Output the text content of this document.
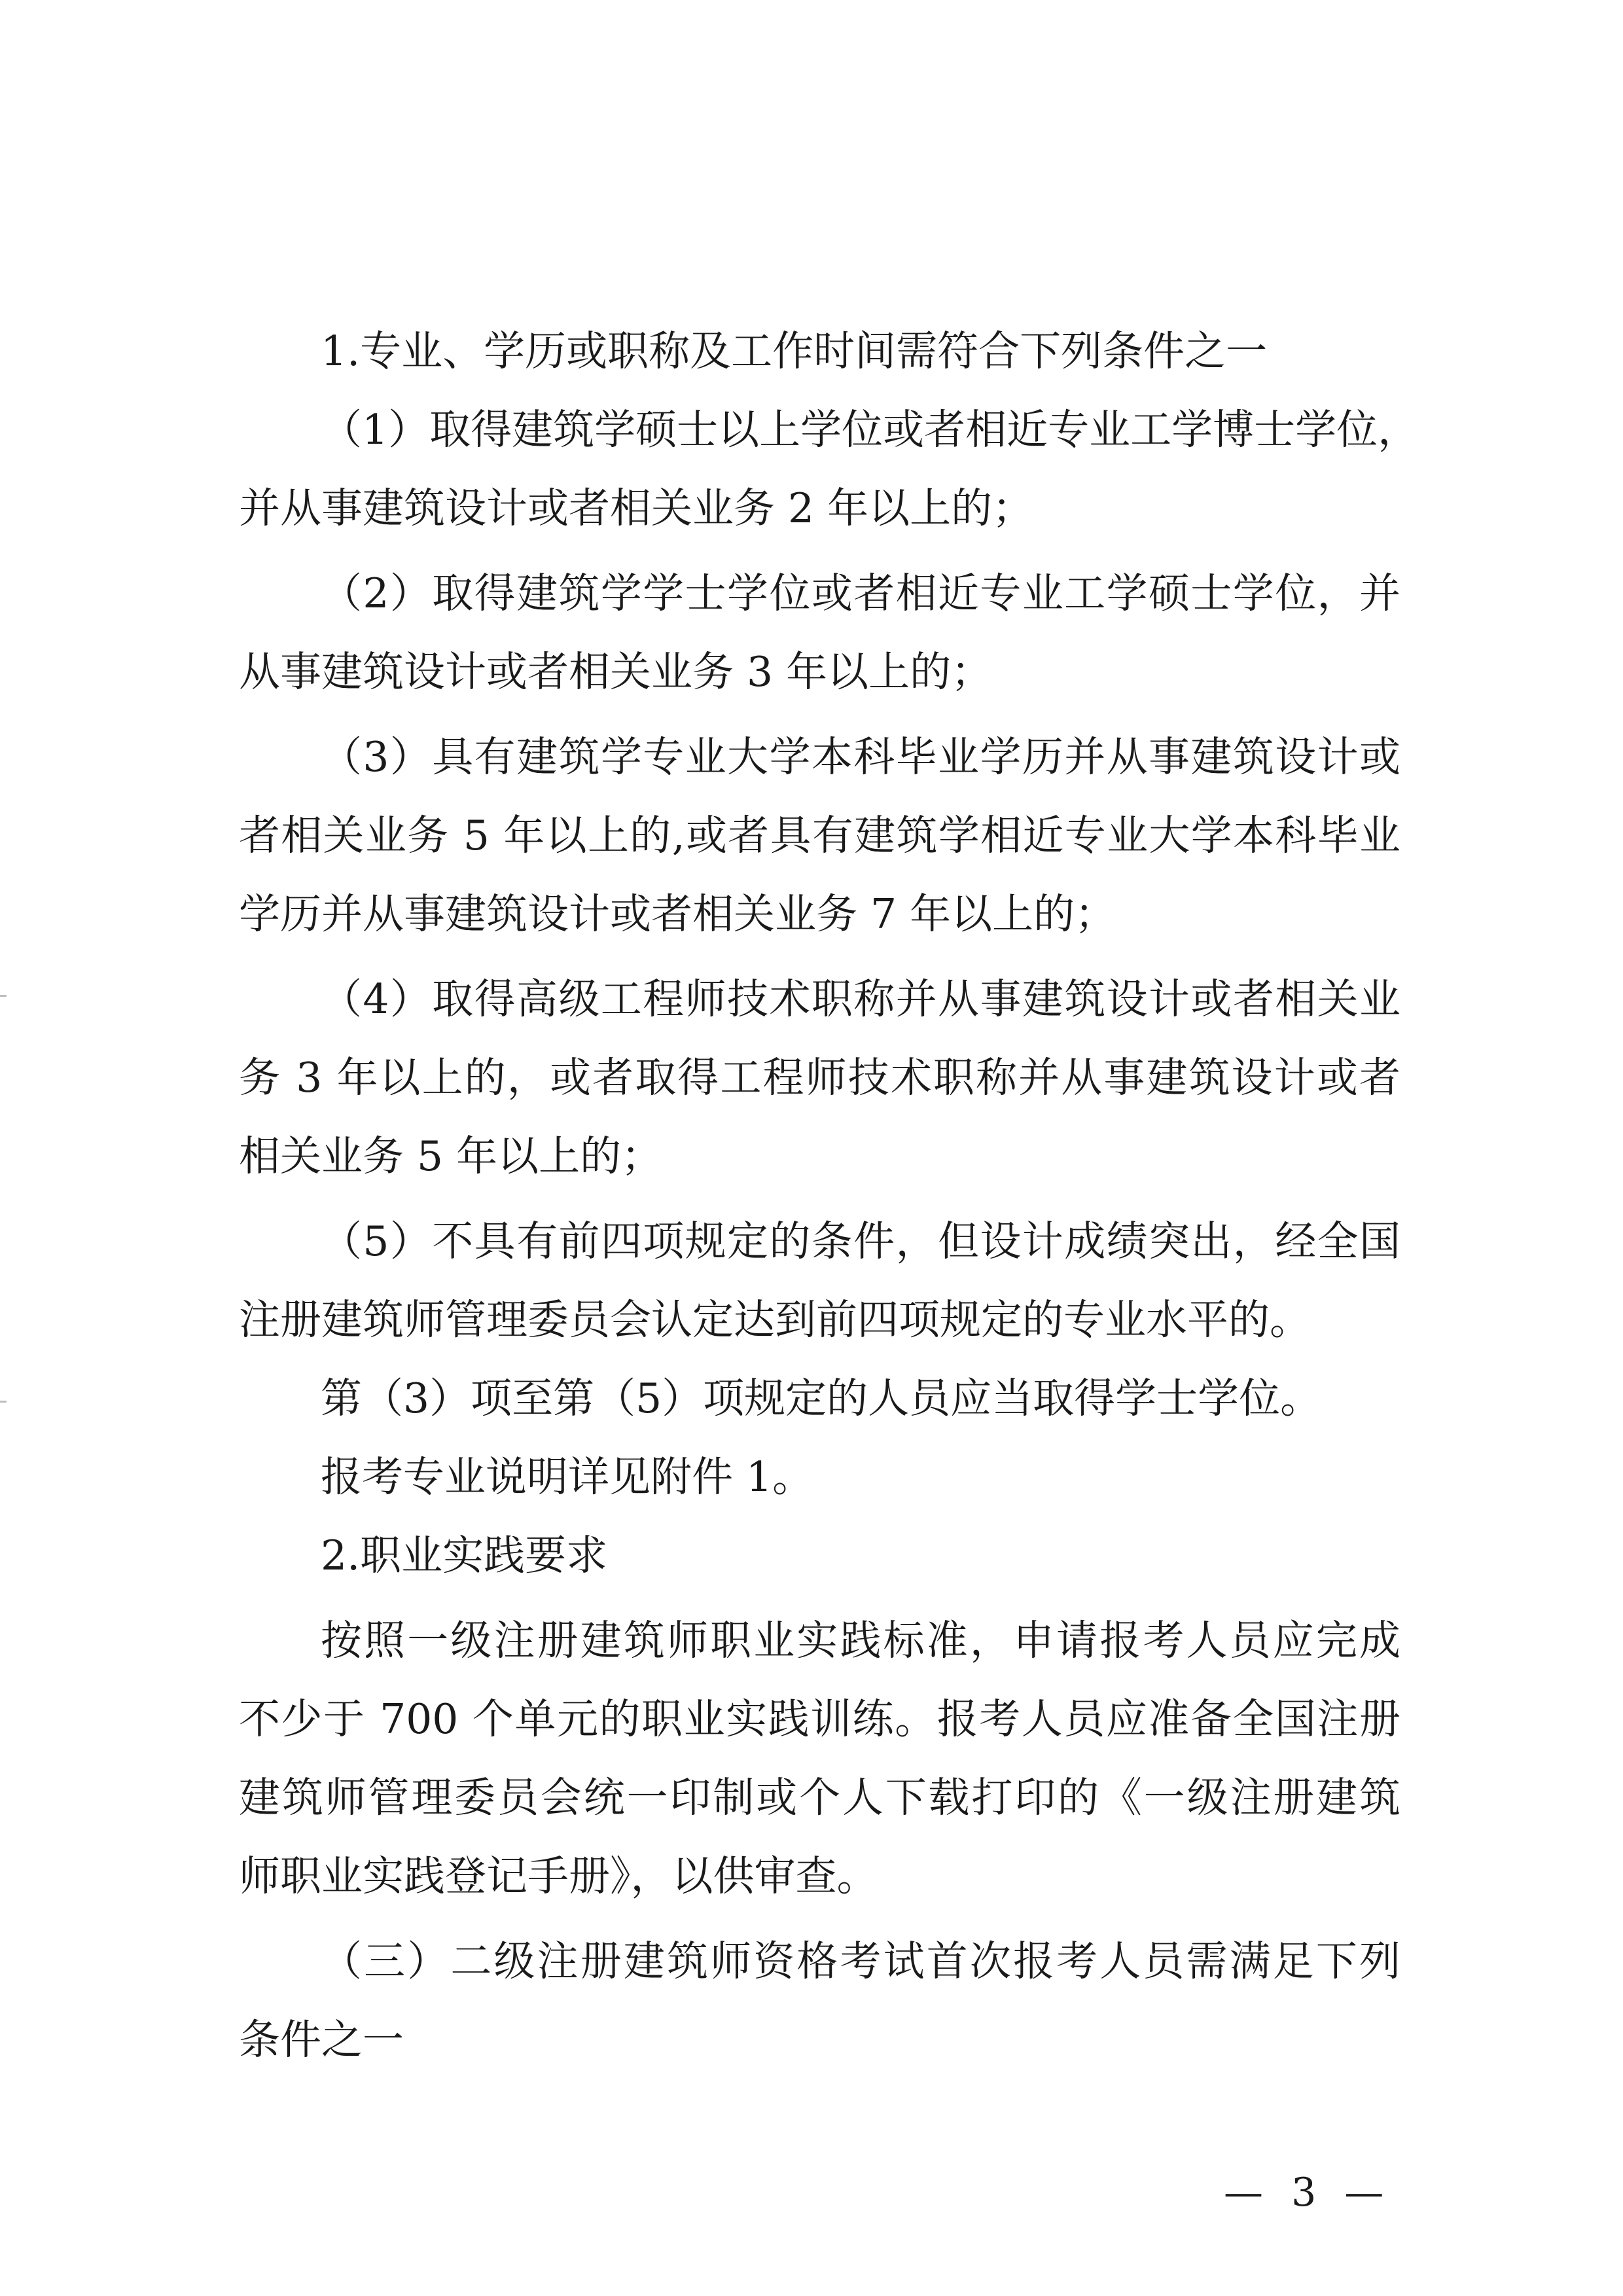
1.专业、学历或职称及工作时间需符合下列条件之一
（1）取得建筑学硕士以上学位或者相近专业工学博士学位，
并从事建筑设计或者相关业务 2 年以上的；
（2）取得建筑学学士学位或者相近专业工学硕士学位，并
从事建筑设计或者相关业务 3 年以上的；
（3）具有建筑学专业大学本科毕业学历并从事建筑设计或
者相关业务 5 年以上的,或者具有建筑学相近专业大学本科毕业
学历并从事建筑设计或者相关业务 7 年以上的；
（4）取得高级工程师技术职称并从事建筑设计或者相关业
务 3 年以上的，或者取得工程师技术职称并从事建筑设计或者
相关业务 5 年以上的；
（5）不具有前四项规定的条件，但设计成绩突出，经全国
注册建筑师管理委员会认定达到前四项规定的专业水平的。
第（3）项至第（5）项规定的人员应当取得学士学位。
报考专业说明详见附件 1。
2.职业实践要求
按照一级注册建筑师职业实践标准，申请报考人员应完成
不少于 700 个单元的职业实践训练。报考人员应准备全国注册
建筑师管理委员会统一印制或个人下载打印的《一级注册建筑
师职业实践登记手册》，以供审查。
（三）二级注册建筑师资格考试首次报考人员需满足下列
条件之一
— 3 —
